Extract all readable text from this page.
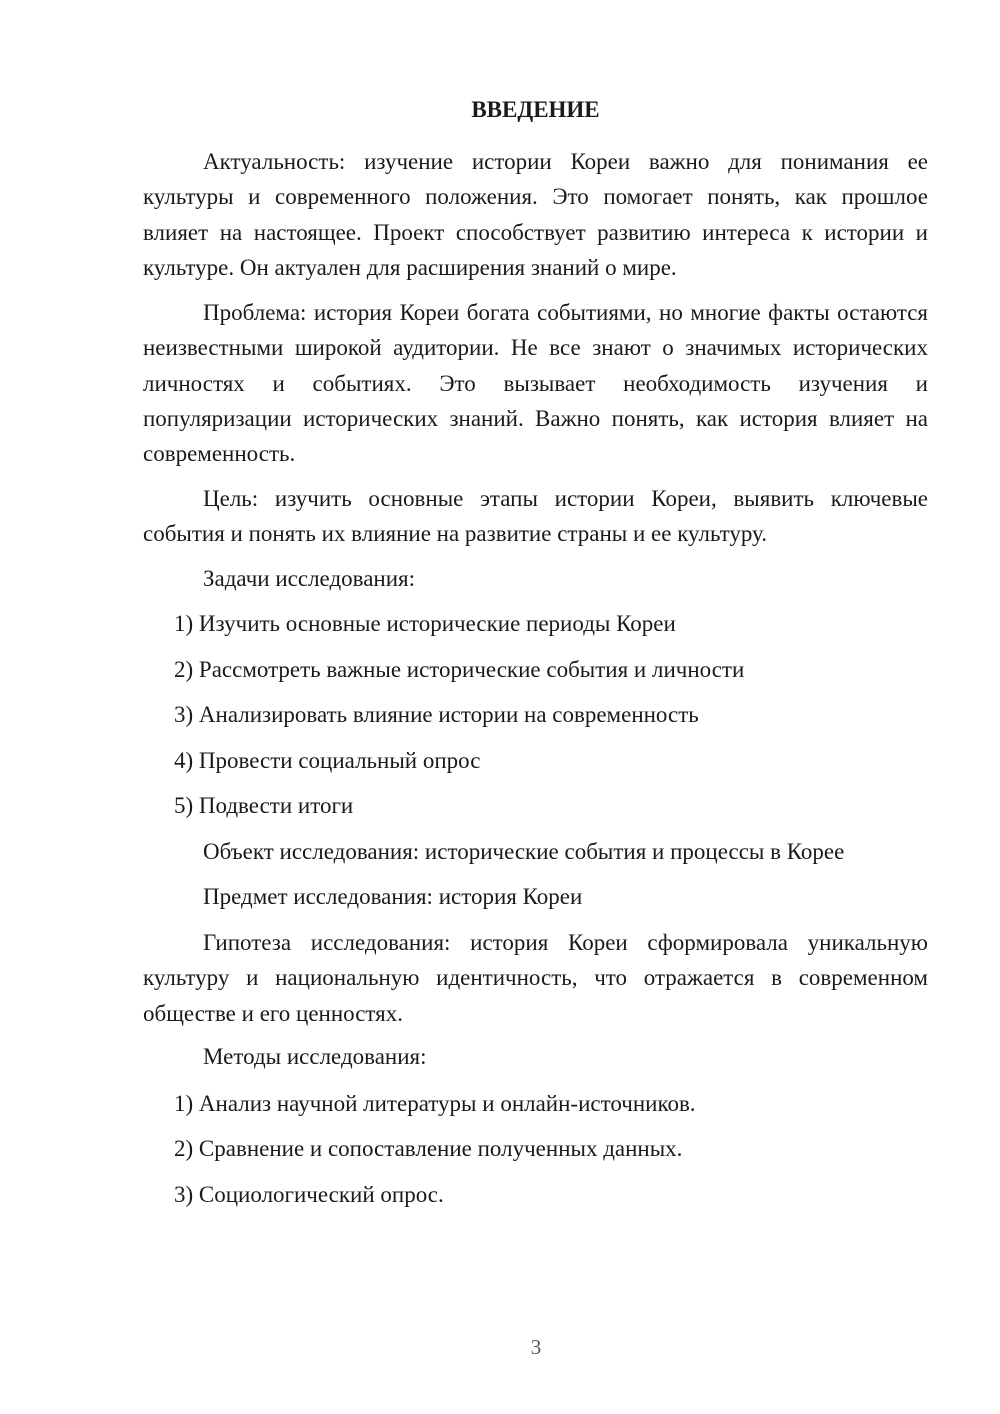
ВВЕДЕНИЕ

Актуальность: изучение истории Кореи важно для понимания ее культуры и современного положения. Это помогает понять, как прошлое влияет на настоящее. Проект способствует развитию интереса к истории и культуре. Он актуален для расширения знаний о мире.

Проблема: история Кореи богата событиями, но многие факты остаются неизвестными широкой аудитории. Не все знают о значимых исторических личностях и событиях. Это вызывает необходимость изучения и популяризации исторических знаний. Важно понять, как история влияет на современность.

Цель: изучить основные этапы истории Кореи, выявить ключевые события и понять их влияние на развитие страны и ее культуру.

Задачи исследования:

1) Изучить основные исторические периоды Кореи

2) Рассмотреть важные исторические события и личности

3) Анализировать влияние истории на современность

4) Провести социальный опрос

5) Подвести итоги

Объект исследования: исторические события и процессы в Корее

Предмет исследования: история Кореи

Гипотеза исследования: история Кореи сформировала уникальную культуру и национальную идентичность, что отражается в современном обществе и его ценностях.

Методы исследования:

1) Анализ научной литературы и онлайн-источников.

2) Сравнение и сопоставление полученных данных.

3) Социологический опрос.

3
